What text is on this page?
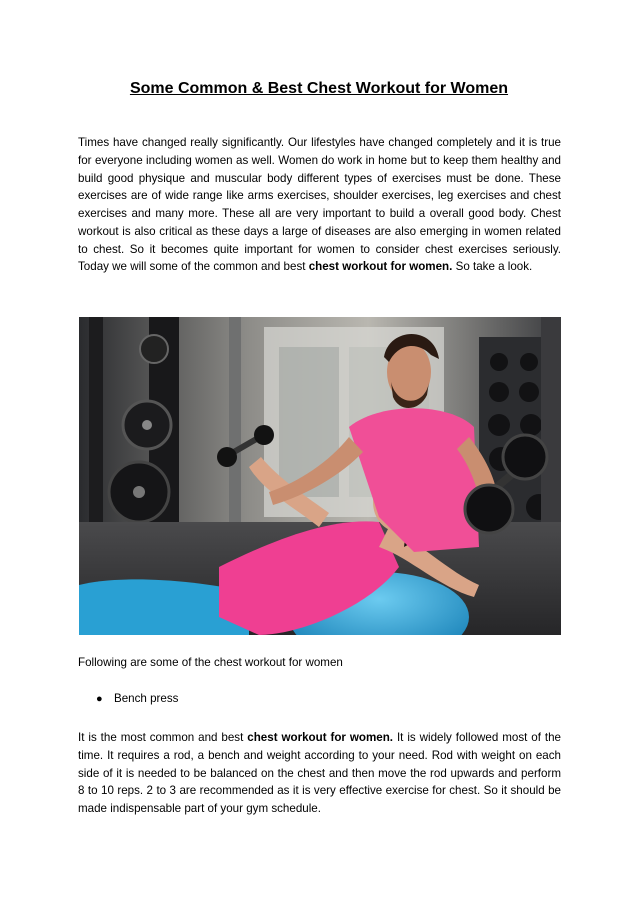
Some Common & Best Chest Workout for Women

Times have changed really significantly. Our lifestyles have changed completely and it is true for everyone including women as well. Women do work in home but to keep them healthy and build good physique and muscular body different types of exercises must be done. These exercises are of wide range like arms exercises, shoulder exercises, leg exercises and chest exercises and many more. These all are very important to build a overall good body. Chest workout is also critical as these days a large of diseases are also emerging in women related to chest. So it becomes quite important for women to consider chest exercises seriously. Today we will some of the common and best chest workout for women. So take a look.

Following are some of the chest workout for women

● Bench press

It is the most common and best chest workout for women. It is widely followed most of the time. It requires a rod, a bench and weight according to your need. Rod with weight on each side of it is needed to be balanced on the chest and then move the rod upwards and perform 8 to 10 reps. 2 to 3 are recommended as it is very effective exercise for chest. So it should be made indispensable part of your gym schedule.
